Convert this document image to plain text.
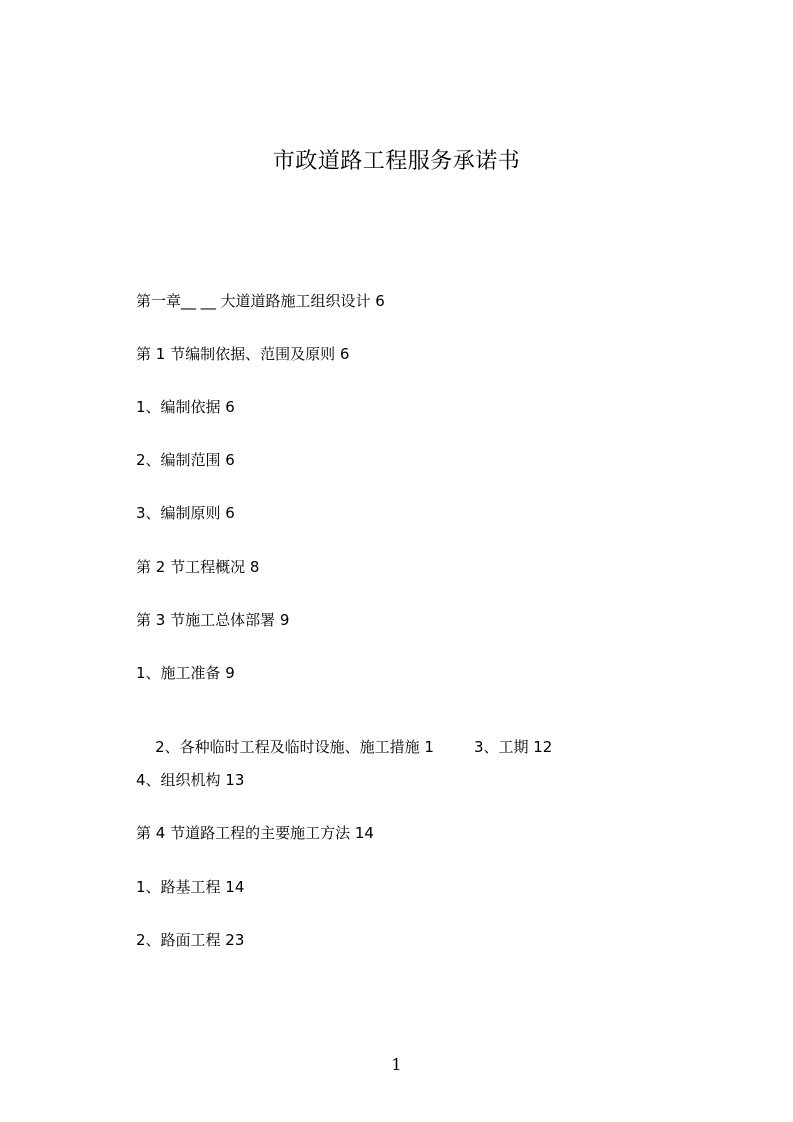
市政道路工程服务承诺书
第一章__ __ 大道道路施工组织设计 6
第 1 节编制依据、范围及原则 6
1、编制依据 6
2、编制范围 6
3、编制原则 6
第 2 节工程概况 8
第 3 节施工总体部署 9
1、施工准备 9

2、各种临时工程及临时设施、施工措施 1	3、工期 12

4、组织机构 13
第 4 节道路工程的主要施工方法 14
1、路基工程 14
2、路面工程 23
1
